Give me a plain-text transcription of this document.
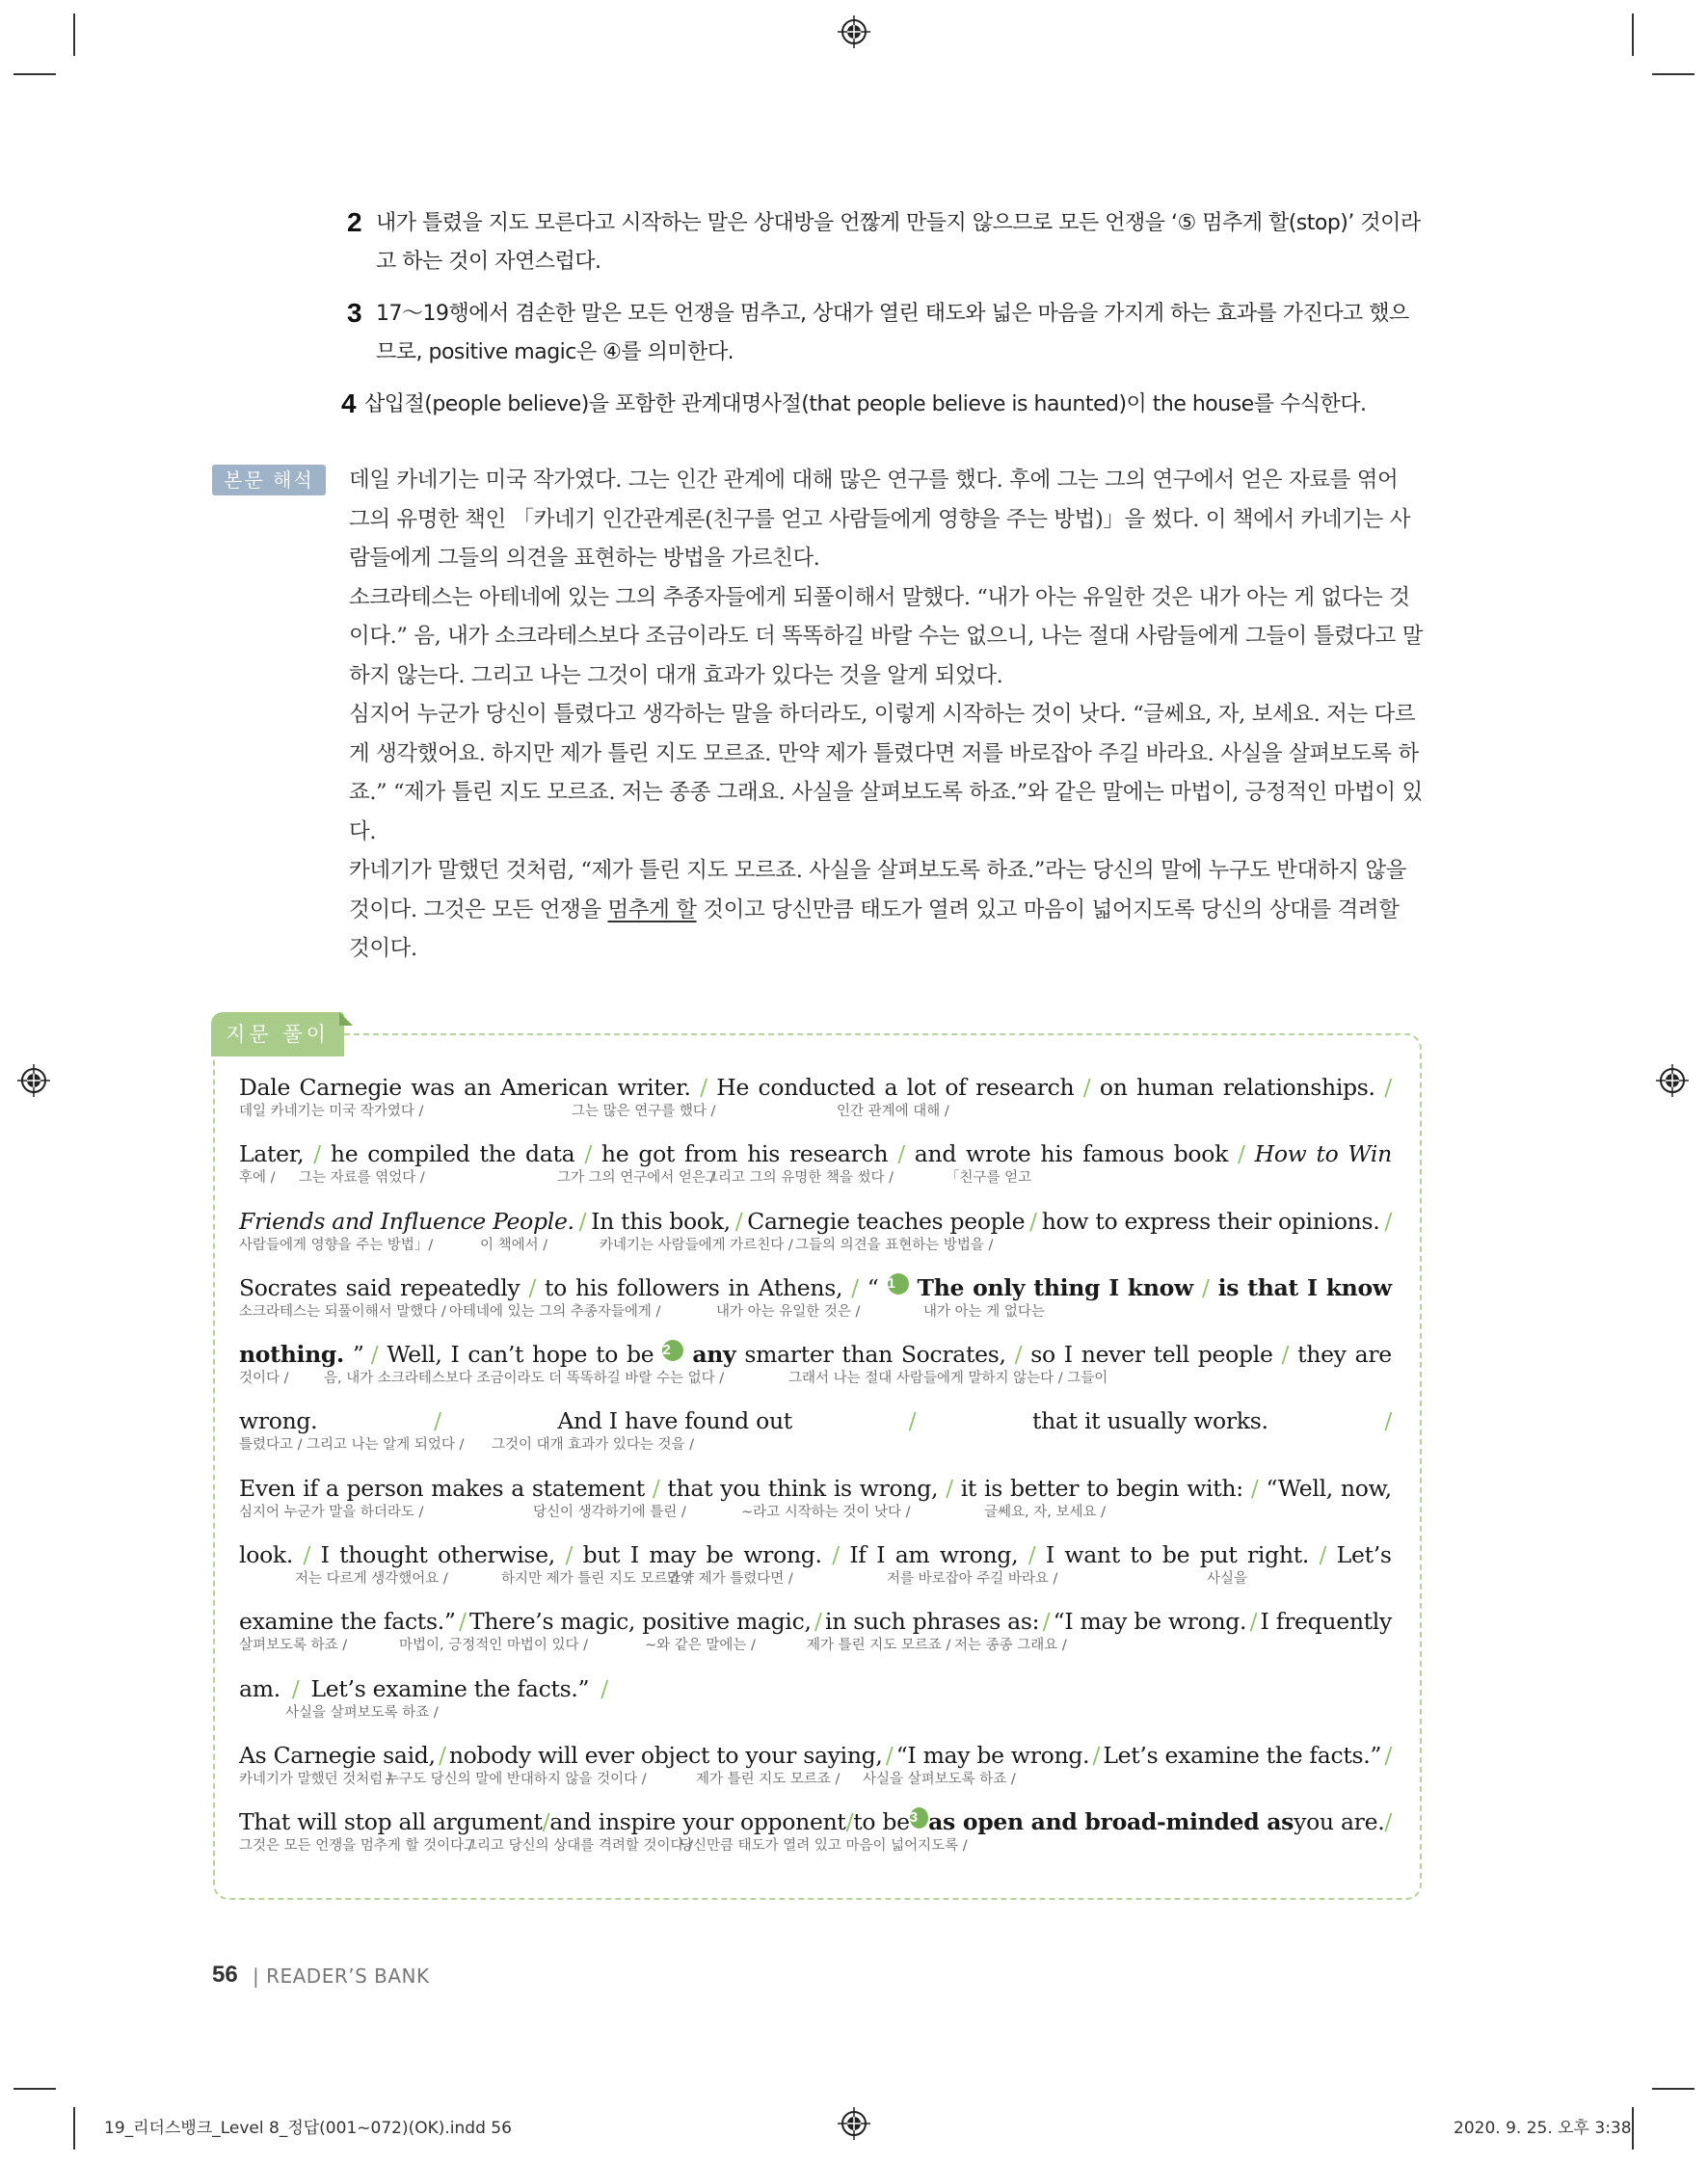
2 내가 틀렸을 지도 모른다고 시작하는 말은 상대방을 언짢게 만들지 않으므로 모든 언쟁을 ‘⑤ 멈추게 할(stop)’ 것이라고 하는 것이 자연스럽다.
3 17～19행에서 겸손한 말은 모든 언쟁을 멈추고, 상대가 열린 태도와 넓은 마음을 가지게 하는 효과를 가진다고 했으므로, positive magic은 ④를 의미한다.
4 삽입절(people believe)을 포함한 관계대명사절(that people believe is haunted)이 the house를 수식한다.
본문 해석	데일 카네기는 미국 작가였다. 그는 인간 관계에 대해 많은 연구를 했다. 후에 그는 그의 연구에서 얻은 자료를 엮어 그의 유명한 책인 「카네기 인간관계론(친구를 얻고 사람들에게 영향을 주는 방법)」을 썼다. 이 책에서 카네기는 사람들에게 그들의 의견을 표현하는 방법을 가르친다.

소크라테스는 아테네에 있는 그의 추종자들에게 되풀이해서 말했다. “내가 아는 유일한 것은 내가 아는 게 없다는 것이다.” 음, 내가 소크라테스보다 조금이라도 더 똑똑하길 바랄 수는 없으니, 나는 절대 사람들에게 그들이 틀렸다고 말하지 않는다. 그리고 나는 그것이 대개 효과가 있다는 것을 알게 되었다.

심지어 누군가 당신이 틀렸다고 생각하는 말을 하더라도, 이렇게 시작하는 것이 낫다. “글쎄요, 자, 보세요. 저는 다르게 생각했어요. 하지만 제가 틀린 지도 모르죠. 만약 제가 틀렸다면 저를 바로잡아 주길 바라요. 사실을 살펴보도록 하죠.” “제가 틀린 지도 모르죠. 저는 종종 그래요. 사실을 살펴보도록 하죠.”와 같은 말에는 마법이, 긍정적인 마법이 있다.

카네기가 말했던 것처럼, “제가 틀린 지도 모르죠. 사실을 살펴보도록 하죠.”라는 당신의 말에 누구도 반대하지 않을 것이다. 그것은 모든 언쟁을 멈추게 할 것이고 당신만큼 태도가 열려 있고 마음이 넓어지도록 당신의 상대를 격려할 것이다.

지문 풀이
Dale Carnegie was an American writer. / He conducted a lot of research / on human relationships. /
데일 카네기는 미국 작가였다 /	그는 많은 연구를 했다 /	인간 관계에 대해 /
Later, / he compiled the data / he got from his research / and wrote his famous book / How to Win
후에 / 그는 자료를 엮었다 /	그가 그의 연구에서 얻은 /
그리고 그의 유명한 책을 썼다 /	「친구를 얻고
Friends and Influence People. / In this book, / Carnegie teaches people / how to express their opinions. /
사람들에게 영향을 주는 방법」/	이 책에서 /	카네기는 사람들에게 가르친다 / 그들의 의견을 표현하는 방법을 /
Socrates said repeatedly / to his followers in Athens, / “ 1 The only thing I know / is that I know
소크라테스는 되풀이해서 말했다 / 아테네에 있는 그의 추종자들에게 /	내가 아는 유일한 것은 /	내가 아는 게 없다는
nothing. ” / Well, I can’t hope to be 2 any smarter than Socrates, / so I never tell people / they are
것이다 /	음, 내가 소크라테스보다 조금이라도 더 똑똑하길 바랄 수는 없다 /	그래서 나는 절대 사람들에게 말하지 않는다 / 그들이
wrong.	/	And I have found out	/	that it usually works.	/
틀렸다고 / 그리고 나는 알게 되었다 / 그것이 대개 효과가 있다는 것을 /
Even if a person makes a statement / that you think is wrong, / it is better to begin with: / “Well, now,
심지어 누군가 말을 하더라도 /	당신이 생각하기에 틀린 /	~라고 시작하는 것이 낫다 /	글쎄요, 자, 보세요 /
look. / I thought otherwise, / but I may be wrong. / If I am wrong, / I want to be put right. / Let’s
저는 다르게 생각했어요 /	하지만 제가 틀린 지도 모르죠 /
만약 제가 틀렸다면 /	저를 바로잡아 주길 바라요 /	사실을
examine the facts.” / There’s magic, positive magic, / in such phrases as: / “I may be wrong. / I frequently
살펴보도록 하죠 /	마법이, 긍정적인 마법이 있다 /	~와 같은 말에는 /	제가 틀린 지도 모르죠 / 저는 종종 그래요 /
am. / Let’s examine the facts.” /
사실을 살펴보도록 하죠 /
As Carnegie said, / nobody will ever object to your saying, / “I may be wrong. / Let’s examine the facts.” /
카네기가 말했던 것처럼 /
누구도 당신의 말에 반대하지 않을 것이다 /	제가 틀린 지도 모르죠 / 사실을 살펴보도록 하죠 /
That will stop all argument / and inspire your opponent / to be 3 as open and broad-minded as you are. /
그것은 모든 언쟁을 멈추게 할 것이다 /
그리고 당신의 상대를 격려할 것이다 /
당신만큼 태도가 열려 있고 마음이 넓어지도록 /
56 | READER’S BANK
19_리더스뱅크_Level 8_정답(001~072)(OK).indd 56	2020. 9. 25. 오후 3:38
